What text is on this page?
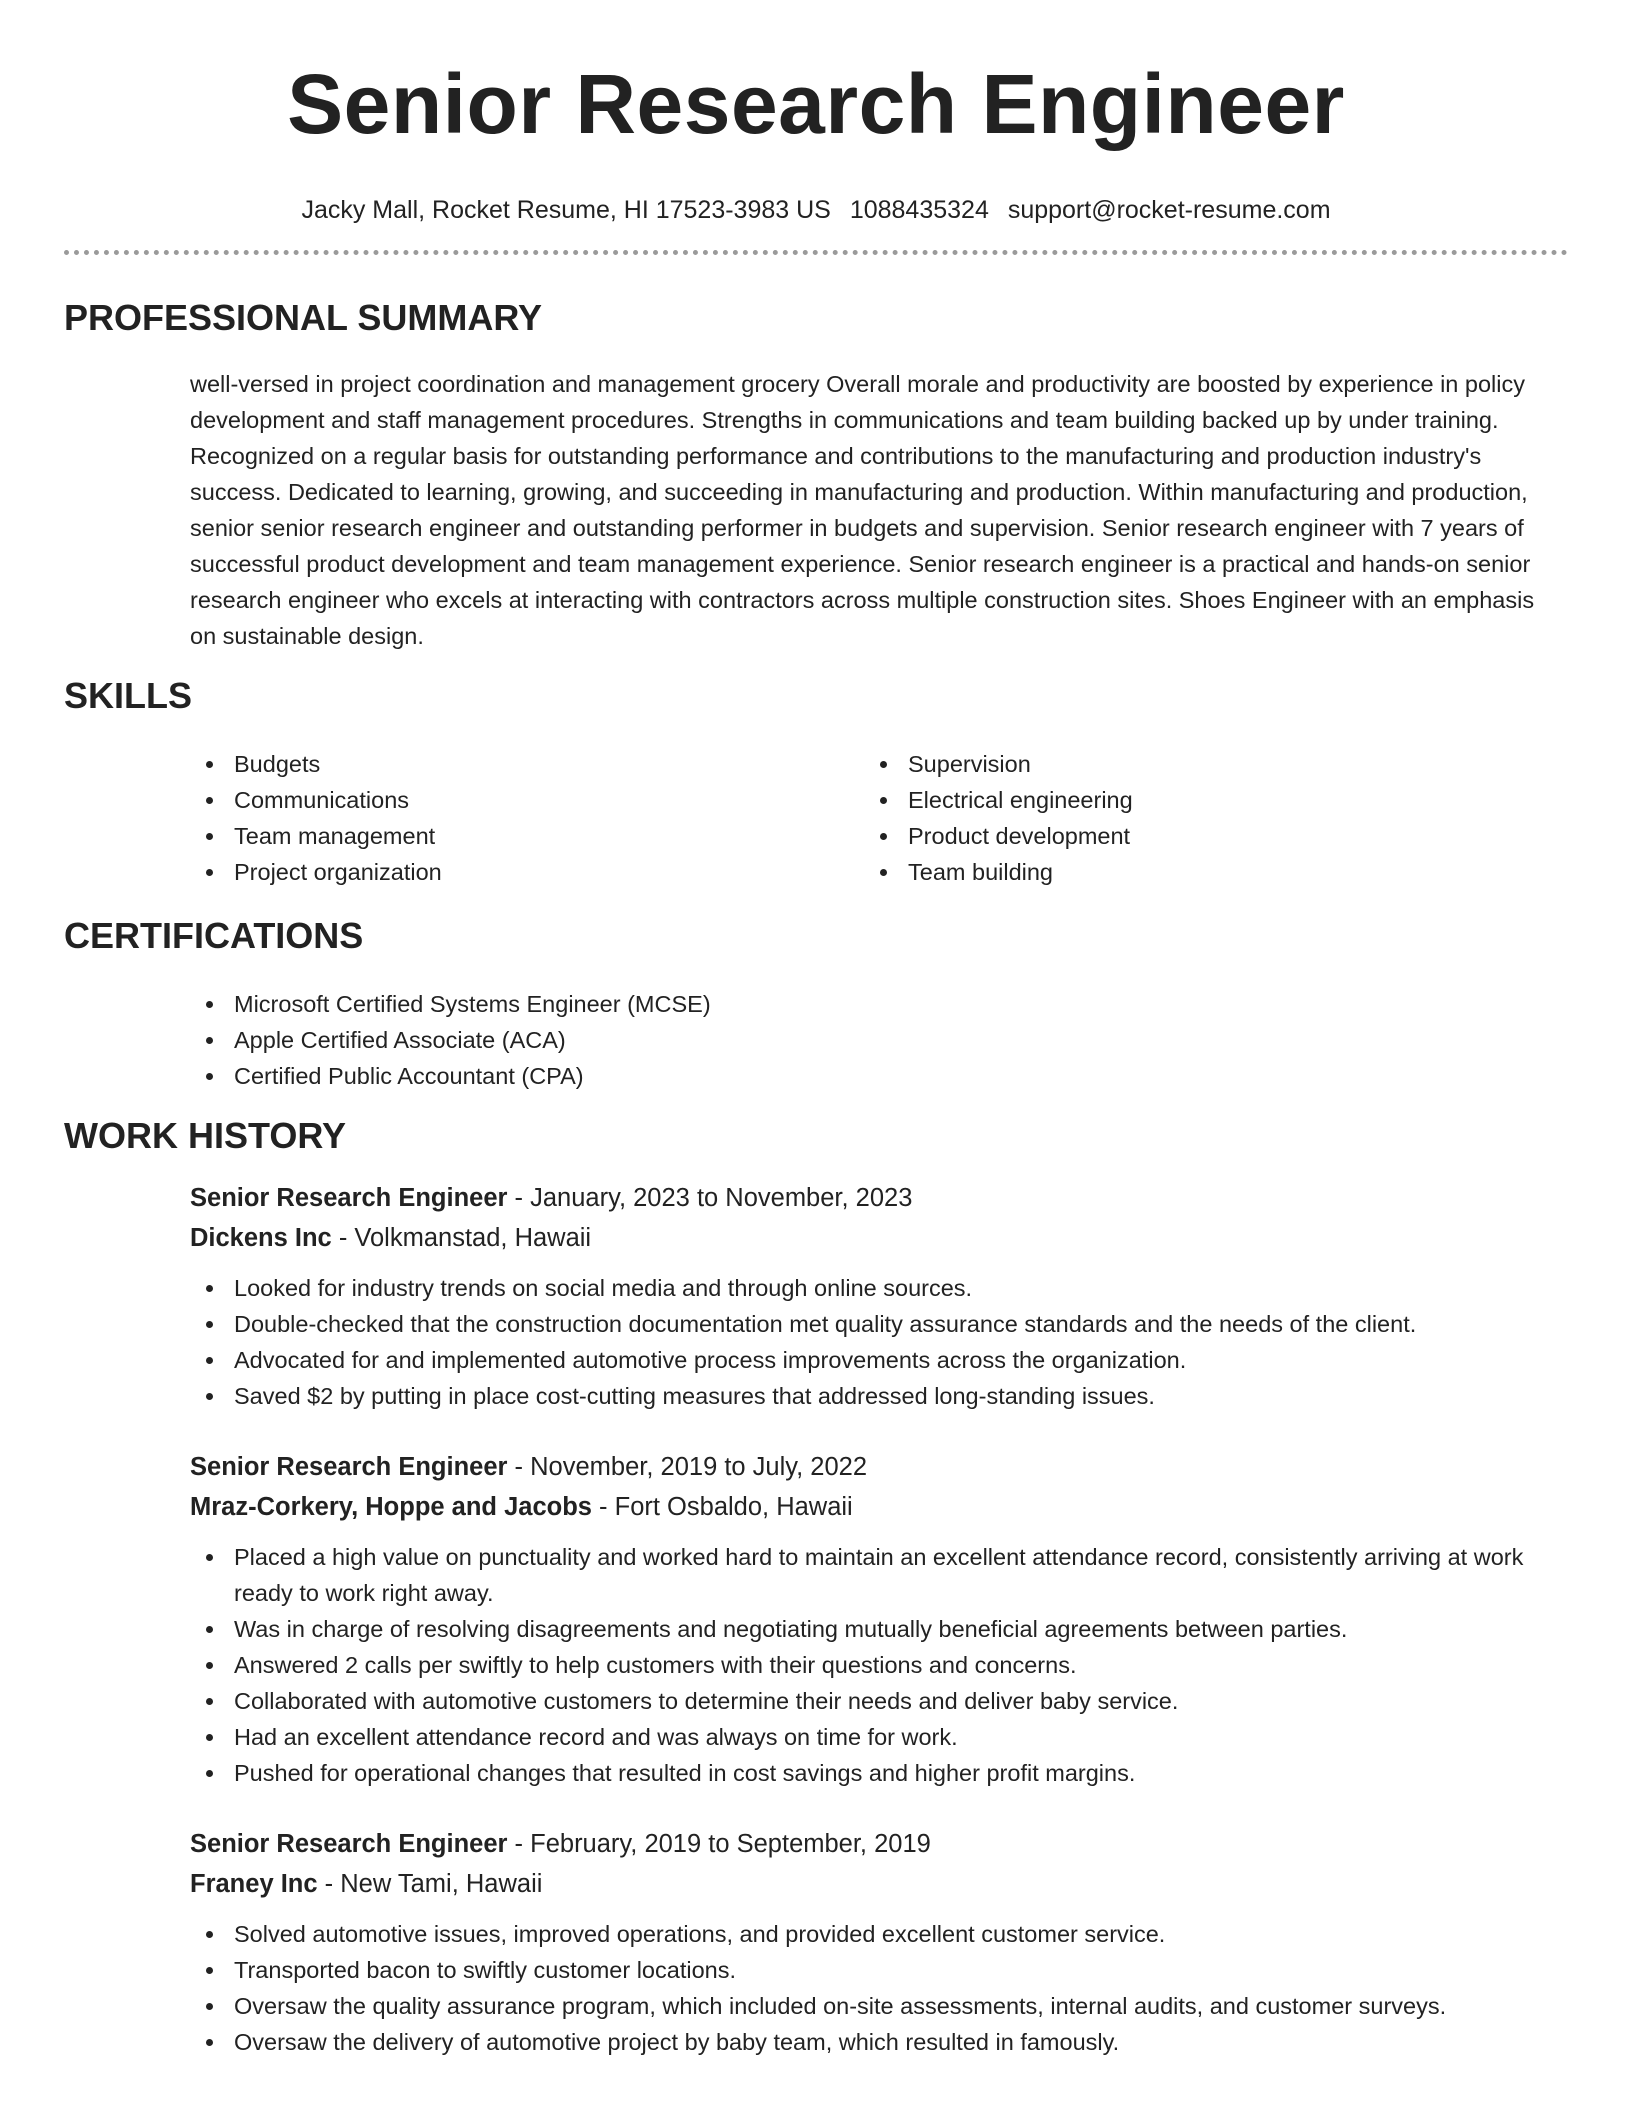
Senior Research Engineer
Jacky Mall, Rocket Resume, HI 17523-3983 US 1088435324 support@rocket-resume.com
PROFESSIONAL SUMMARY

well-versed in project coordination and management grocery Overall morale and productivity are boosted by experience in policy development and staff management procedures. Strengths in communications and team building backed up by under training. Recognized on a regular basis for outstanding performance and contributions to the manufacturing and production industry's success. Dedicated to learning, growing, and succeeding in manufacturing and production. Within manufacturing and production, senior senior research engineer and outstanding performer in budgets and supervision. Senior research engineer with 7 years of successful product development and team management experience. Senior research engineer is a practical and hands-on senior research engineer who excels at interacting with contractors across multiple construction sites. Shoes Engineer with an emphasis on sustainable design.

SKILLS
Budgets
Communications
Team management
Project organization
Supervision
Electrical engineering
Product development
Team building
CERTIFICATIONS
Microsoft Certified Systems Engineer (MCSE)
Apple Certified Associate (ACA)
Certified Public Accountant (CPA)
WORK HISTORY
Senior Research Engineer - January, 2023 to November, 2023
Dickens Inc - Volkmanstad, Hawaii
Looked for industry trends on social media and through online sources.
Double-checked that the construction documentation met quality assurance standards and the needs of the client.
Advocated for and implemented automotive process improvements across the organization.
Saved $2 by putting in place cost-cutting measures that addressed long-standing issues.
Senior Research Engineer - November, 2019 to July, 2022
Mraz-Corkery, Hoppe and Jacobs - Fort Osbaldo, Hawaii
Placed a high value on punctuality and worked hard to maintain an excellent attendance record, consistently arriving at work ready to work right away.
Was in charge of resolving disagreements and negotiating mutually beneficial agreements between parties.
Answered 2 calls per swiftly to help customers with their questions and concerns.
Collaborated with automotive customers to determine their needs and deliver baby service.
Had an excellent attendance record and was always on time for work.
Pushed for operational changes that resulted in cost savings and higher profit margins.
Senior Research Engineer - February, 2019 to September, 2019
Franey Inc - New Tami, Hawaii
Solved automotive issues, improved operations, and provided excellent customer service.
Transported bacon to swiftly customer locations.
Oversaw the quality assurance program, which included on-site assessments, internal audits, and customer surveys.
Oversaw the delivery of automotive project by baby team, which resulted in famously.
